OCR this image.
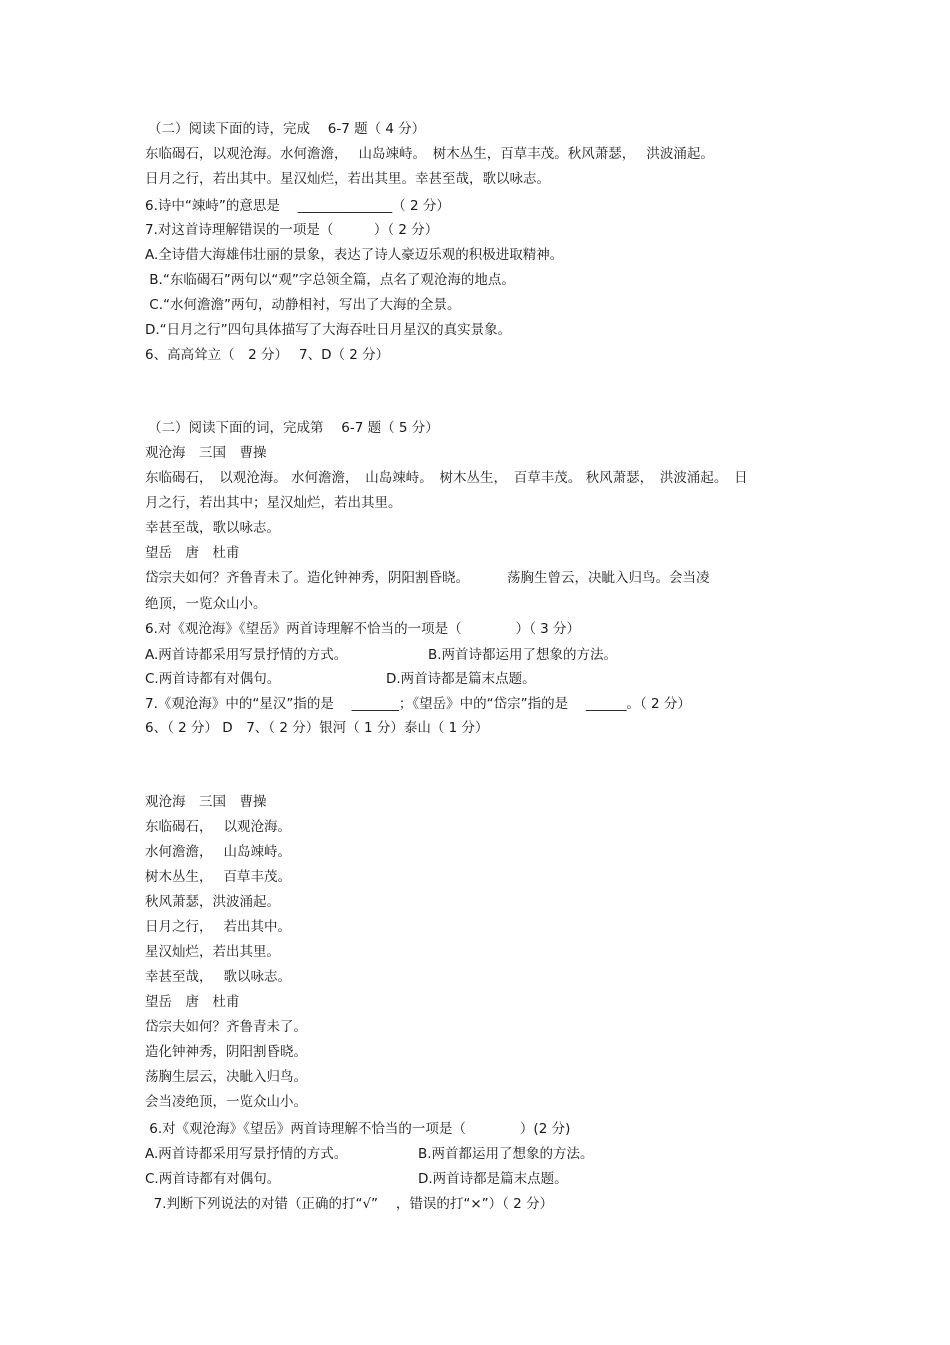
（二）阅读下面的诗，完成　 6-7 题（ 4 分）
东临碣石，以观沧海。水何澹澹，　 山岛竦峙。　树木丛生，百草丰茂。秋风萧瑟，　 洪波涌起。
日月之行，若出其中。星汉灿烂，若出其里。幸甚至哉，歌以咏志。
6.诗中“竦峙”的意思是　 ______________（ 2 分）
7.对这首诗理解错误的一项是（　　　）（ 2 分）
A.全诗借大海雄伟壮丽的景象，表达了诗人豪迈乐观的积极进取精神。
B.“东临碣石”两句以“观”字总领全篇，点名了观沧海的地点。
C.“水何澹澹”两句，动静相衬，写出了大海的全景。
D.“日月之行”四句具体描写了大海吞吐日月星汉的真实景象。
6、高高耸立（　2 分）　 7、D（ 2 分）
（二）阅读下面的词，完成第　 6-7 题（ 5 分）
观沧海　三国　曹操
东临碣石，　以观沧海。 水何澹澹，　山岛竦峙。　树木丛生，　百草丰茂。 秋风萧瑟，　洪波涌起。　日
月之行，若出其中；星汉灿烂，若出其里。
幸甚至哉，歌以咏志。
望岳　唐　杜甫
岱宗夫如何？齐鲁青未了。造化钟神秀，阴阳割昏晓。　　　 荡胸生曾云，决眦入归鸟。会当凌
绝顶，一览众山小。
6.对《观沧海》《望岳》两首诗理解不恰当的一项是（　　　　）（ 3 分）
A.两首诗都采用写景抒情的方式。	B.两首诗都运用了想象的方法。
C.两首诗都有对偶句。	D.两首诗都是篇末点题。
7.《观沧海》中的“星汉”指的是　 _______；《望岳》中的“岱宗”指的是　 ______。（ 2 分）
6、（ 2 分） D　7、（ 2 分）银河（ 1 分）泰山（ 1 分）
观沧海　三国　曹操
东临碣石，　 以观沧海。
水何澹澹，　 山岛竦峙。
树木丛生，　 百草丰茂。
秋风萧瑟，洪波涌起。
日月之行，　 若出其中。
星汉灿烂，若出其里。
幸甚至哉，　 歌以咏志。
望岳　唐　杜甫
岱宗夫如何？齐鲁青未了。
造化钟神秀，阴阳割昏晓。
荡胸生层云，决眦入归鸟。
会当凌绝顶，一览众山小。
6.对《观沧海》《望岳》两首诗理解不恰当的一项是（　　　　）(2 分)
A.两首诗都采用写景抒情的方式。	B.两首都运用了想象的方法。
C.两首诗都有对偶句。	D.两首诗都是篇末点题。
7.判断下列说法的对错（正确的打“√”　 ，错误的打“×”）（ 2 分）
